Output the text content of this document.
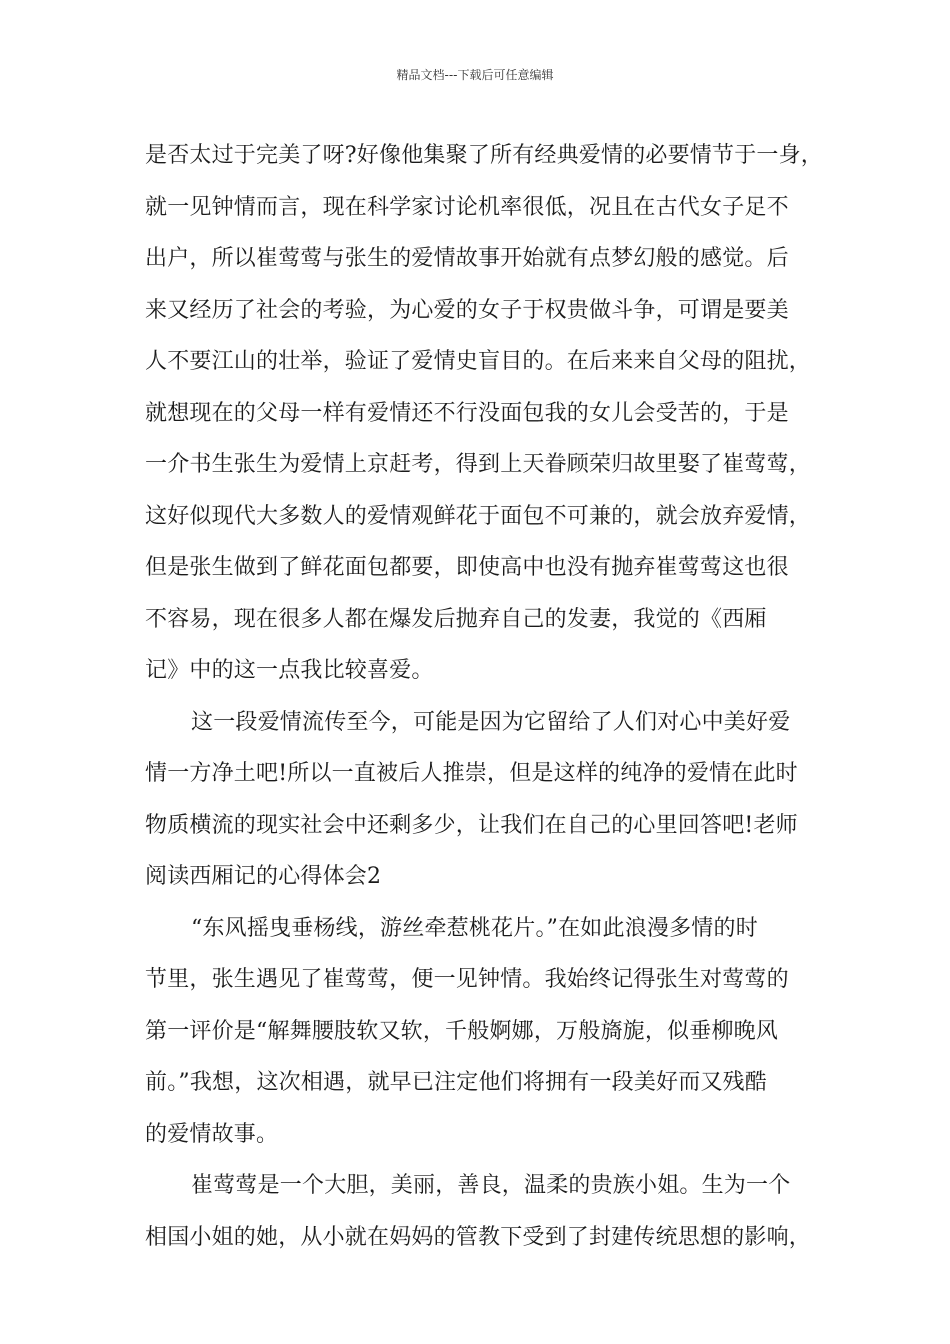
精品文档---下载后可任意编辑
是否太过于完美了呀?好像他集聚了所有经典爱情的必要情节于一身，
就一见钟情而言，现在科学家讨论机率很低，况且在古代女子足不
出户，所以崔莺莺与张生的爱情故事开始就有点梦幻般的感觉。后
来又经历了社会的考验，为心爱的女子于权贵做斗争，可谓是要美
人不要江山的壮举，验证了爱情史盲目的。在后来来自父母的阻扰，
就想现在的父母一样有爱情还不行没面包我的女儿会受苦的，于是
一介书生张生为爱情上京赶考，得到上天眷顾荣归故里娶了崔莺莺，
这好似现代大多数人的爱情观鲜花于面包不可兼的，就会放弃爱情，
但是张生做到了鲜花面包都要，即使高中也没有抛弃崔莺莺这也很
不容易，现在很多人都在爆发后抛弃自己的发妻，我觉的《西厢
记》中的这一点我比较喜爱。
这一段爱情流传至今，可能是因为它留给了人们对心中美好爱
情一方净土吧!所以一直被后人推崇，但是这样的纯净的爱情在此时
物质横流的现实社会中还剩多少，让我们在自己的心里回答吧!老师
阅读西厢记的心得体会2
“东风摇曳垂杨线，游丝牵惹桃花片。”在如此浪漫多情的时
节里，张生遇见了崔莺莺，便一见钟情。我始终记得张生对莺莺的
第一评价是“解舞腰肢软又软，千般婀娜，万般旖旎，似垂柳晚风
前。”我想，这次相遇，就早已注定他们将拥有一段美好而又残酷
的爱情故事。
崔莺莺是一个大胆，美丽，善良，温柔的贵族小姐。生为一个
相国小姐的她，从小就在妈妈的管教下受到了封建传统思想的影响，
